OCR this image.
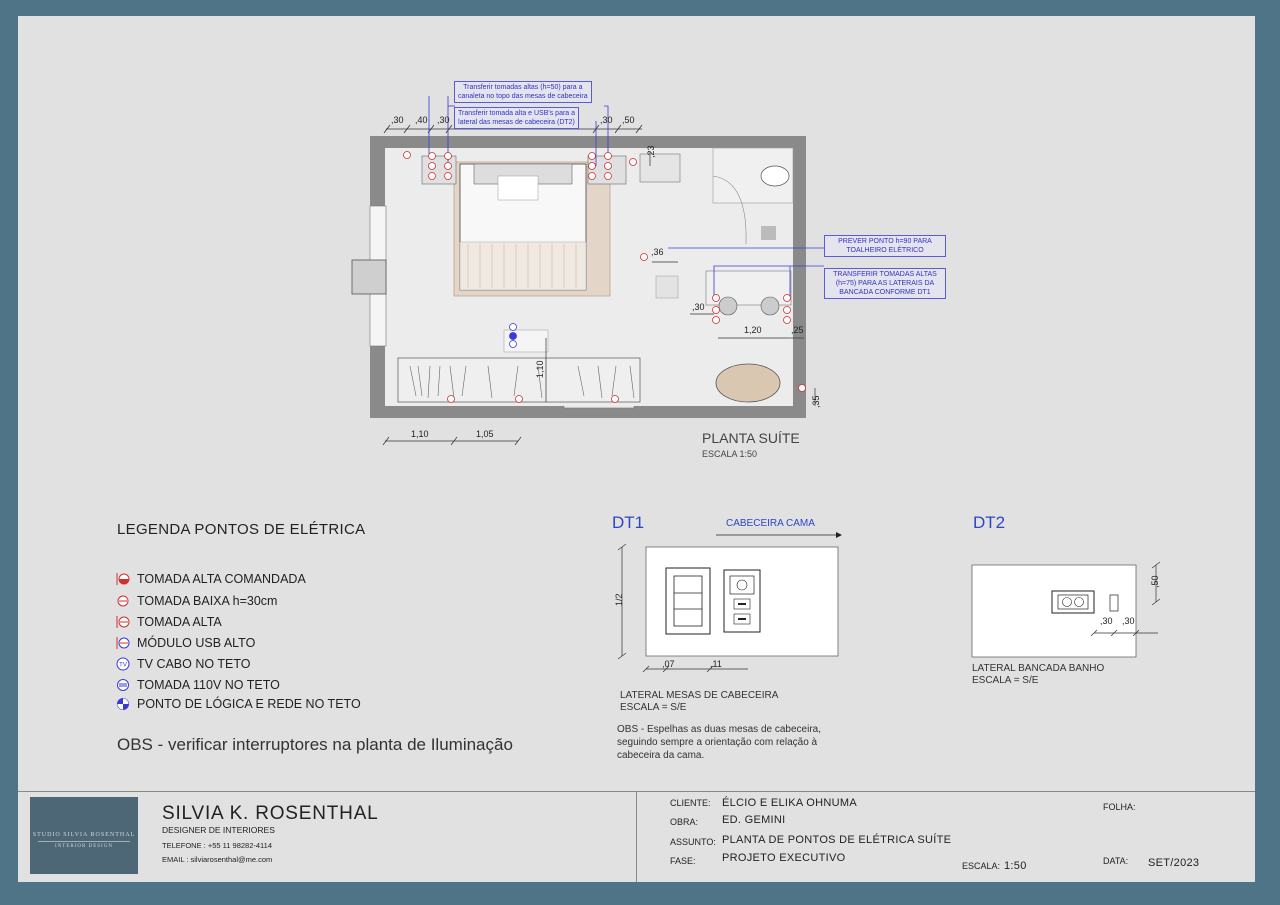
,30 ,40 ,30	,30 ,50
,23
,36
,30
1,20	,25
1,10
,35
1,10	1,05
Transferir tomadas altas (h=50) para a
canaleta no topo das mesas de cabeceira
Transferir tomada alta e USB's para a
lateral das mesas de cabeceira (DT2)
PREVER PONTO h=90 PARA
TOALHEIRO ELÉTRICO
TRANSFERIR TOMADAS ALTAS
(h=75) PARA AS LATERAIS DA
BANCADA CONFORME DT1
PLANTA SUÍTE
ESCALA 1:50
LEGENDA PONTOS DE ELÉTRICA
TOMADA ALTA COMANDADA
TOMADA BAIXA h=30cm
TOMADA ALTA
MÓDULO USB ALTO
TV TV CABO NO TETO
TOMADA 110V NO TETO
PONTO DE LÓGICA E REDE NO TETO
OBS - verificar interruptores na planta de Iluminação
DT1	CABECEIRA CAMA
1/2
,07	,11
LATERAL MESAS DE CABECEIRA
ESCALA = S/E
OBS - Espelhas as duas mesas de cabeceira,
seguindo sempre a orientação com relação à
cabeceira da cama.
DT2
,50
,30 ,30
LATERAL BANCADA BANHO
ESCALA = S/E
STUDIO SILVIA ROSENTHAL
INTERIOR DESIGN
SILVIA K. ROSENTHAL
DESIGNER DE INTERIORES
TELEFONE : +55 11 98282-4114
EMAIL : silviarosenthal@me.com
CLIENTE: ÉLCIO E ELIKA OHNUMA
OBRA: ED. GEMINI
ASSUNTO: PLANTA DE PONTOS DE ELÉTRICA SUÍTE
FASE: PROJETO EXECUTIVO
ESCALA: 1:50
FOLHA:
DATA: SET/2023
